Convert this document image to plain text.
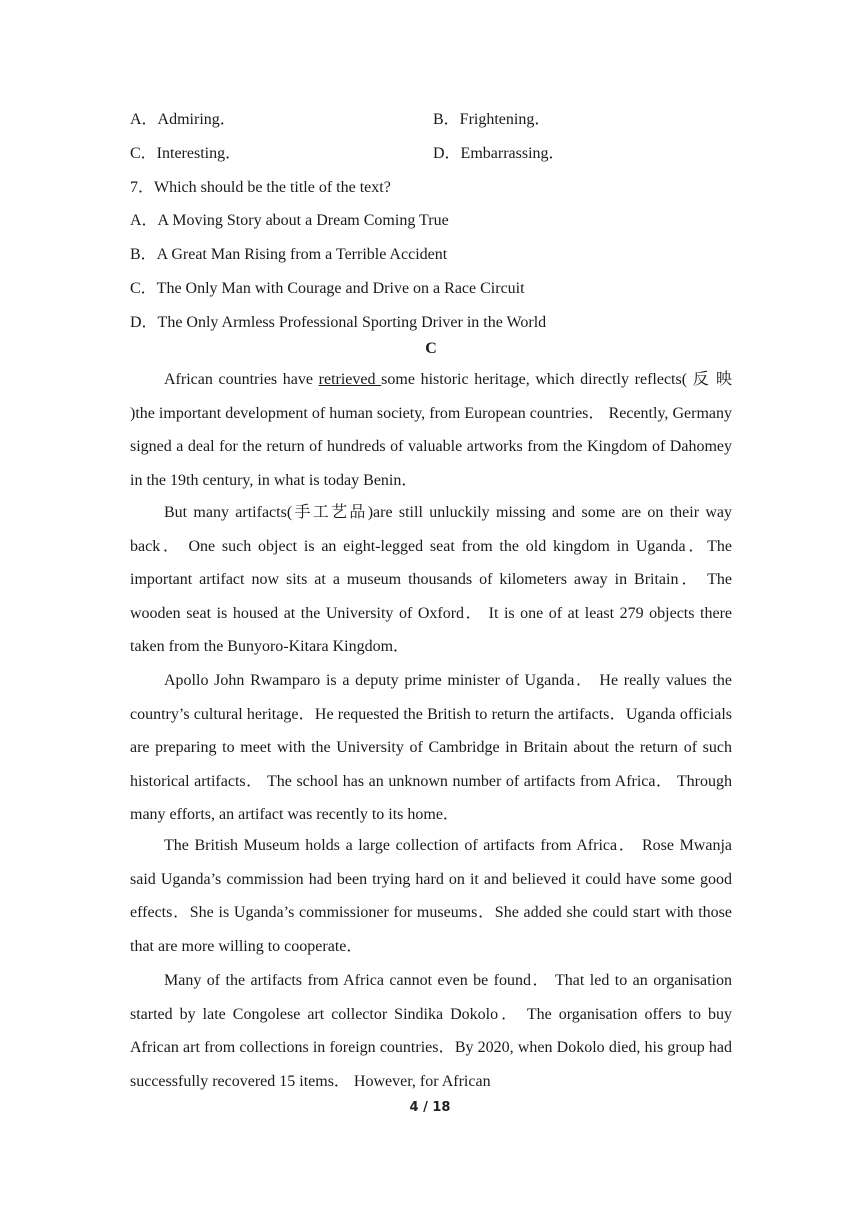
A．Admiring．	B．Frightening．
C．Interesting．	D．Embarrassing．
7．Which should be the title of the text?
A．A Moving Story about a Dream Coming True
B．A Great Man Rising from a Terrible Accident
C．The Only Man with Courage and Drive on a Race Circuit
D．The Only Armless Professional Sporting Driver in the World
C

African countries have retrieved some historic heritage, which directly reflects( 反 映 )the important development of human society, from European countries． Recently, Germany signed a deal for the return of hundreds of valuable artworks from the Kingdom of Dahomey in the 19th century, in what is today Benin．

But many artifacts(手工艺品)are still unluckily missing and some are on their way back． One such object is an eight-legged seat from the old kingdom in Uganda．The important artifact now sits at a museum thousands of kilometers away in Britain． The wooden seat is housed at the University of Oxford． It is one of at least 279 objects there taken from the Bunyoro-Kitara Kingdom．

Apollo John Rwamparo is a deputy prime minister of Uganda． He really values the country’s cultural heritage．He requested the British to return the artifacts．Uganda officials are preparing to meet with the University of Cambridge in Britain about the return of such historical artifacts． The school has an unknown number of artifacts from Africa． Through many efforts, an artifact was recently to its home．

The British Museum holds a large collection of artifacts from Africa． Rose Mwanja said Uganda’s commission had been trying hard on it and believed it could have some good effects．She is Uganda’s commissioner for museums．She added she could start with those that are more willing to cooperate．

Many of the artifacts from Africa cannot even be found． That led to an organisation started by late Congolese art collector Sindika Dokolo． The organisation offers to buy African art from collections in foreign countries．By 2020, when Dokolo died, his group had successfully recovered 15 items． However, for African

4 / 18
